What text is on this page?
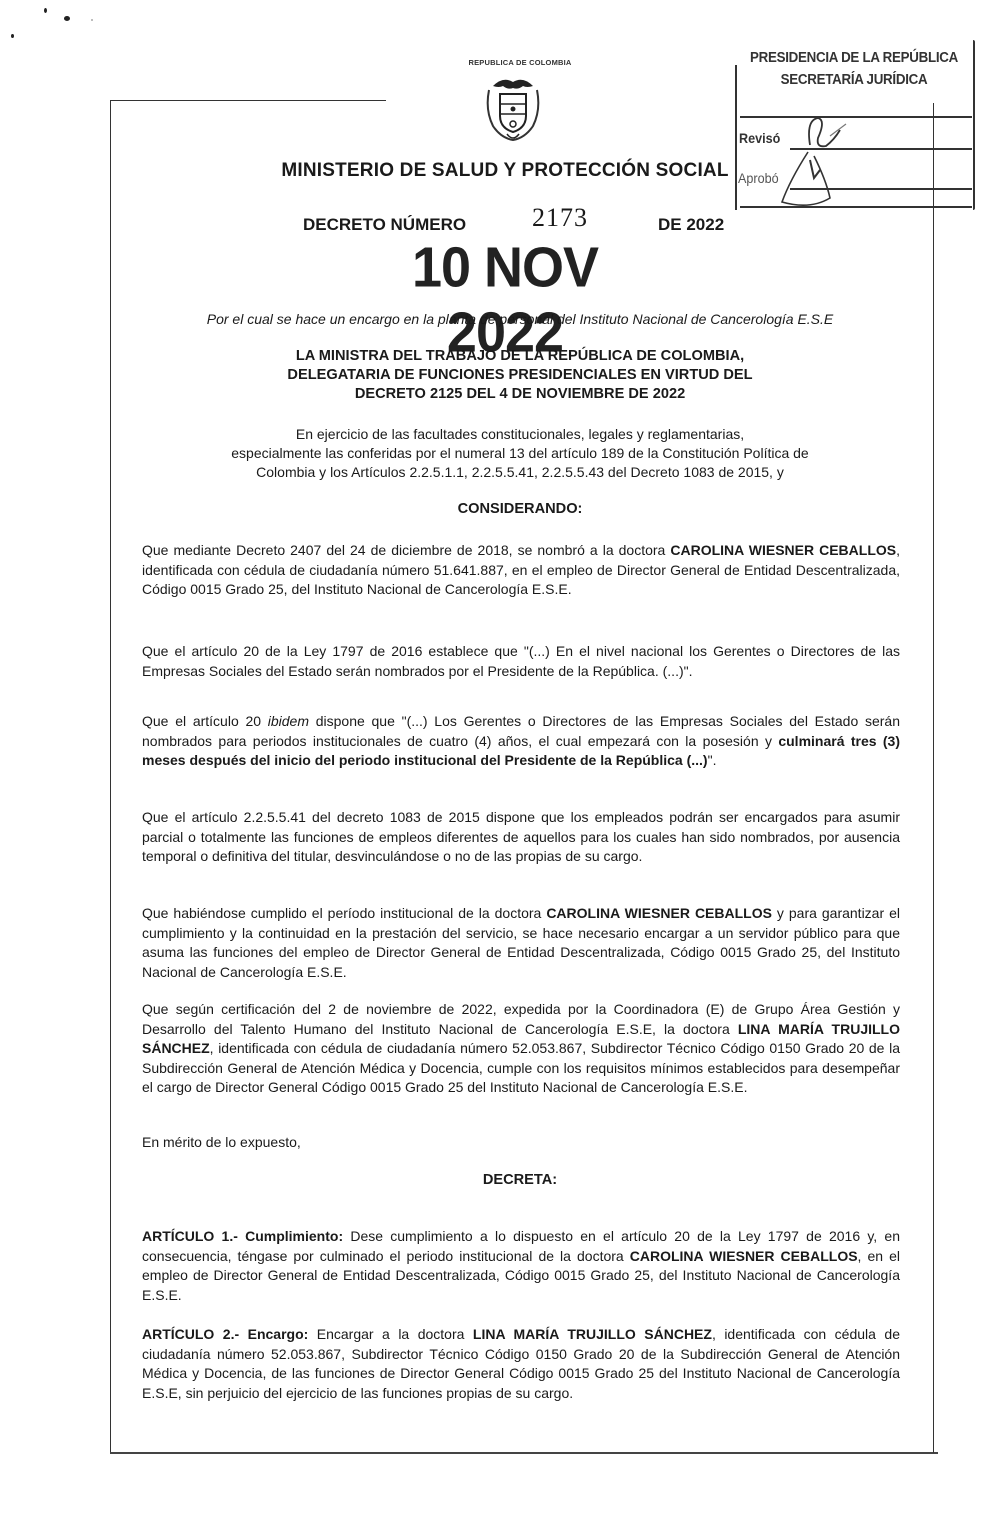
REPUBLICA DE COLOMBIA
MINISTERIO DE SALUD Y PROTECCIÓN SOCIAL
DECRETO NÚMERO	2173	DE 2022
10 NOV 2022
Por el cual se hace un encargo en la planta de personal del Instituto Nacional de Cancerología E.S.E
PRESIDENCIA DE LA REPÚBLICA
SECRETARÍA JURÍDICA
Revisó
Aprobó
LA MINISTRA DEL TRABAJO DE LA REPÚBLICA DE COLOMBIA,
DELEGATARIA DE FUNCIONES PRESIDENCIALES EN VIRTUD DEL
DECRETO 2125 DEL 4 DE NOVIEMBRE DE 2022
En ejercicio de las facultades constitucionales, legales y reglamentarias,
especialmente las conferidas por el numeral 13 del artículo 189 de la Constitución Política de
Colombia y los Artículos 2.2.5.1.1, 2.2.5.5.41, 2.2.5.5.43 del Decreto 1083 de 2015, y
CONSIDERANDO:
Que mediante Decreto 2407 del 24 de diciembre de 2018, se nombró a la doctora CAROLINA WIESNER CEBALLOS, identificada con cédula de ciudadanía número 51.641.887, en el empleo de Director General de Entidad Descentralizada, Código 0015 Grado 25, del Instituto Nacional de Cancerología E.S.E.
Que el artículo 20 de la Ley 1797 de 2016 establece que "(...) En el nivel nacional los Gerentes o Directores de las Empresas Sociales del Estado serán nombrados por el Presidente de la República. (...)".
Que el artículo 20 ibidem dispone que "(...) Los Gerentes o Directores de las Empresas Sociales del Estado serán nombrados para periodos institucionales de cuatro (4) años, el cual empezará con la posesión y culminará tres (3) meses después del inicio del periodo institucional del Presidente de la República (...)".
Que el artículo 2.2.5.5.41 del decreto 1083 de 2015 dispone que los empleados podrán ser encargados para asumir parcial o totalmente las funciones de empleos diferentes de aquellos para los cuales han sido nombrados, por ausencia temporal o definitiva del titular, desvinculándose o no de las propias de su cargo.
Que habiéndose cumplido el período institucional de la doctora CAROLINA WIESNER CEBALLOS y para garantizar el cumplimiento y la continuidad en la prestación del servicio, se hace necesario encargar a un servidor público para que asuma las funciones del empleo de Director General de Entidad Descentralizada, Código 0015 Grado 25, del Instituto Nacional de Cancerología E.S.E.
Que según certificación del 2 de noviembre de 2022, expedida por la Coordinadora (E) de Grupo Área Gestión y Desarrollo del Talento Humano del Instituto Nacional de Cancerología E.S.E, la doctora LINA MARÍA TRUJILLO SÁNCHEZ, identificada con cédula de ciudadanía número 52.053.867, Subdirector Técnico Código 0150 Grado 20 de la Subdirección General de Atención Médica y Docencia, cumple con los requisitos mínimos establecidos para desempeñar el cargo de Director General Código 0015 Grado 25 del Instituto Nacional de Cancerología E.S.E.
En mérito de lo expuesto,
DECRETA:
ARTÍCULO 1.- Cumplimiento: Dese cumplimiento a lo dispuesto en el artículo 20 de la Ley 1797 de 2016 y, en consecuencia, téngase por culminado el periodo institucional de la doctora CAROLINA WIESNER CEBALLOS, en el empleo de Director General de Entidad Descentralizada, Código 0015 Grado 25, del Instituto Nacional de Cancerología E.S.E.
ARTÍCULO 2.- Encargo: Encargar a la doctora LINA MARÍA TRUJILLO SÁNCHEZ, identificada con cédula de ciudadanía número 52.053.867, Subdirector Técnico Código 0150 Grado 20 de la Subdirección General de Atención Médica y Docencia, de las funciones de Director General Código 0015 Grado 25 del Instituto Nacional de Cancerología E.S.E, sin perjuicio del ejercicio de las funciones propias de su cargo.
